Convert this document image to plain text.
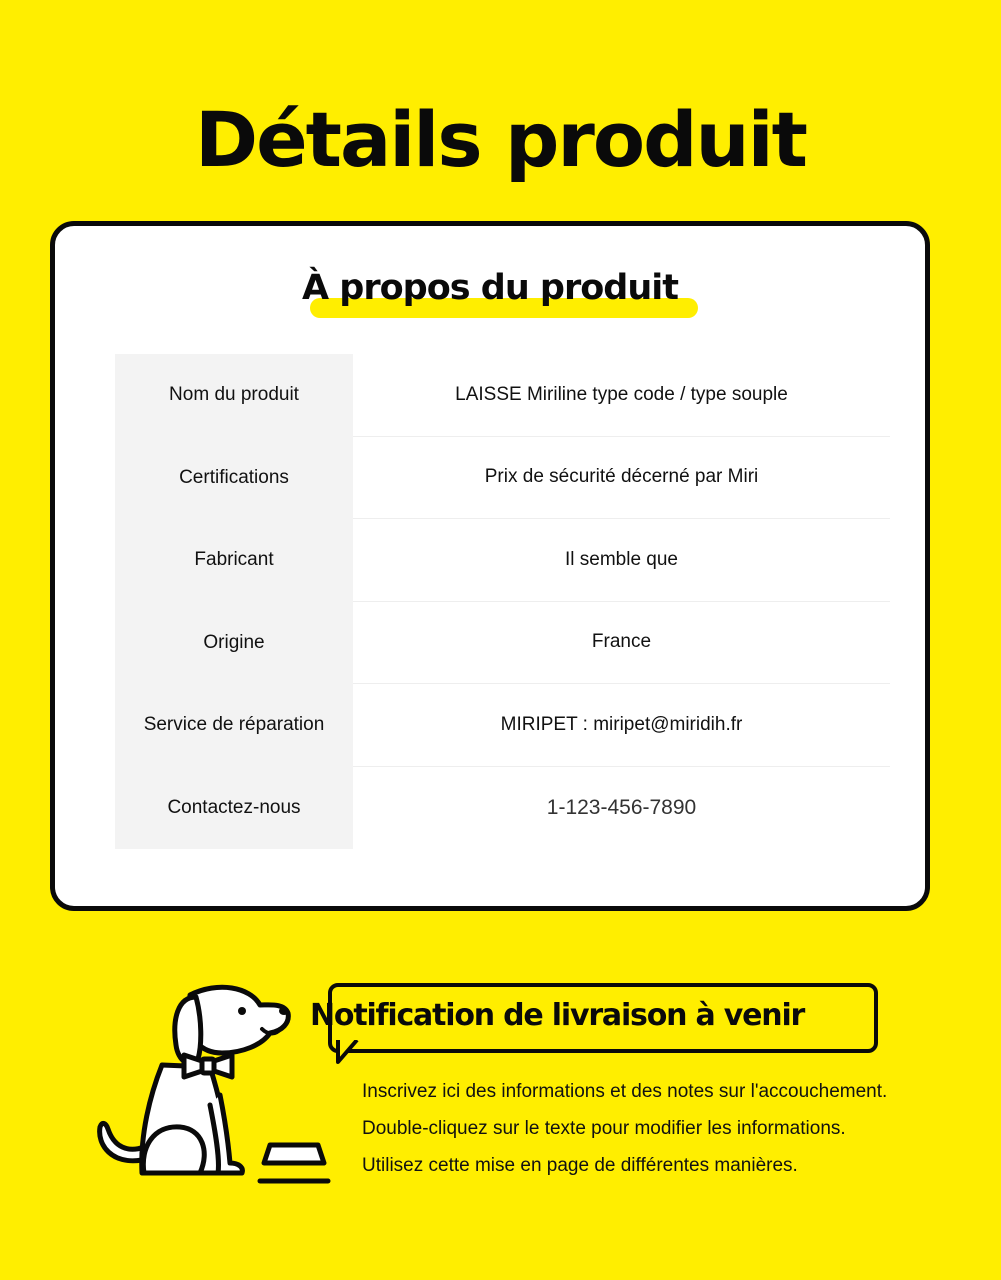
Détails produit
À propos du produit
Nom du produit	LAISSE Miriline type code / type souple
Certifications	Prix de sécurité décerné par Miri
Fabricant	Il semble que
Origine	France
Service de réparation	MIRIPET : miripet@miridih.fr
Contactez-nous	1-123-456-7890
Notification de livraison à venir
Inscrivez ici des informations et des notes sur l'accouchement.
Double-cliquez sur le texte pour modifier les informations.
Utilisez cette mise en page de différentes manières.
